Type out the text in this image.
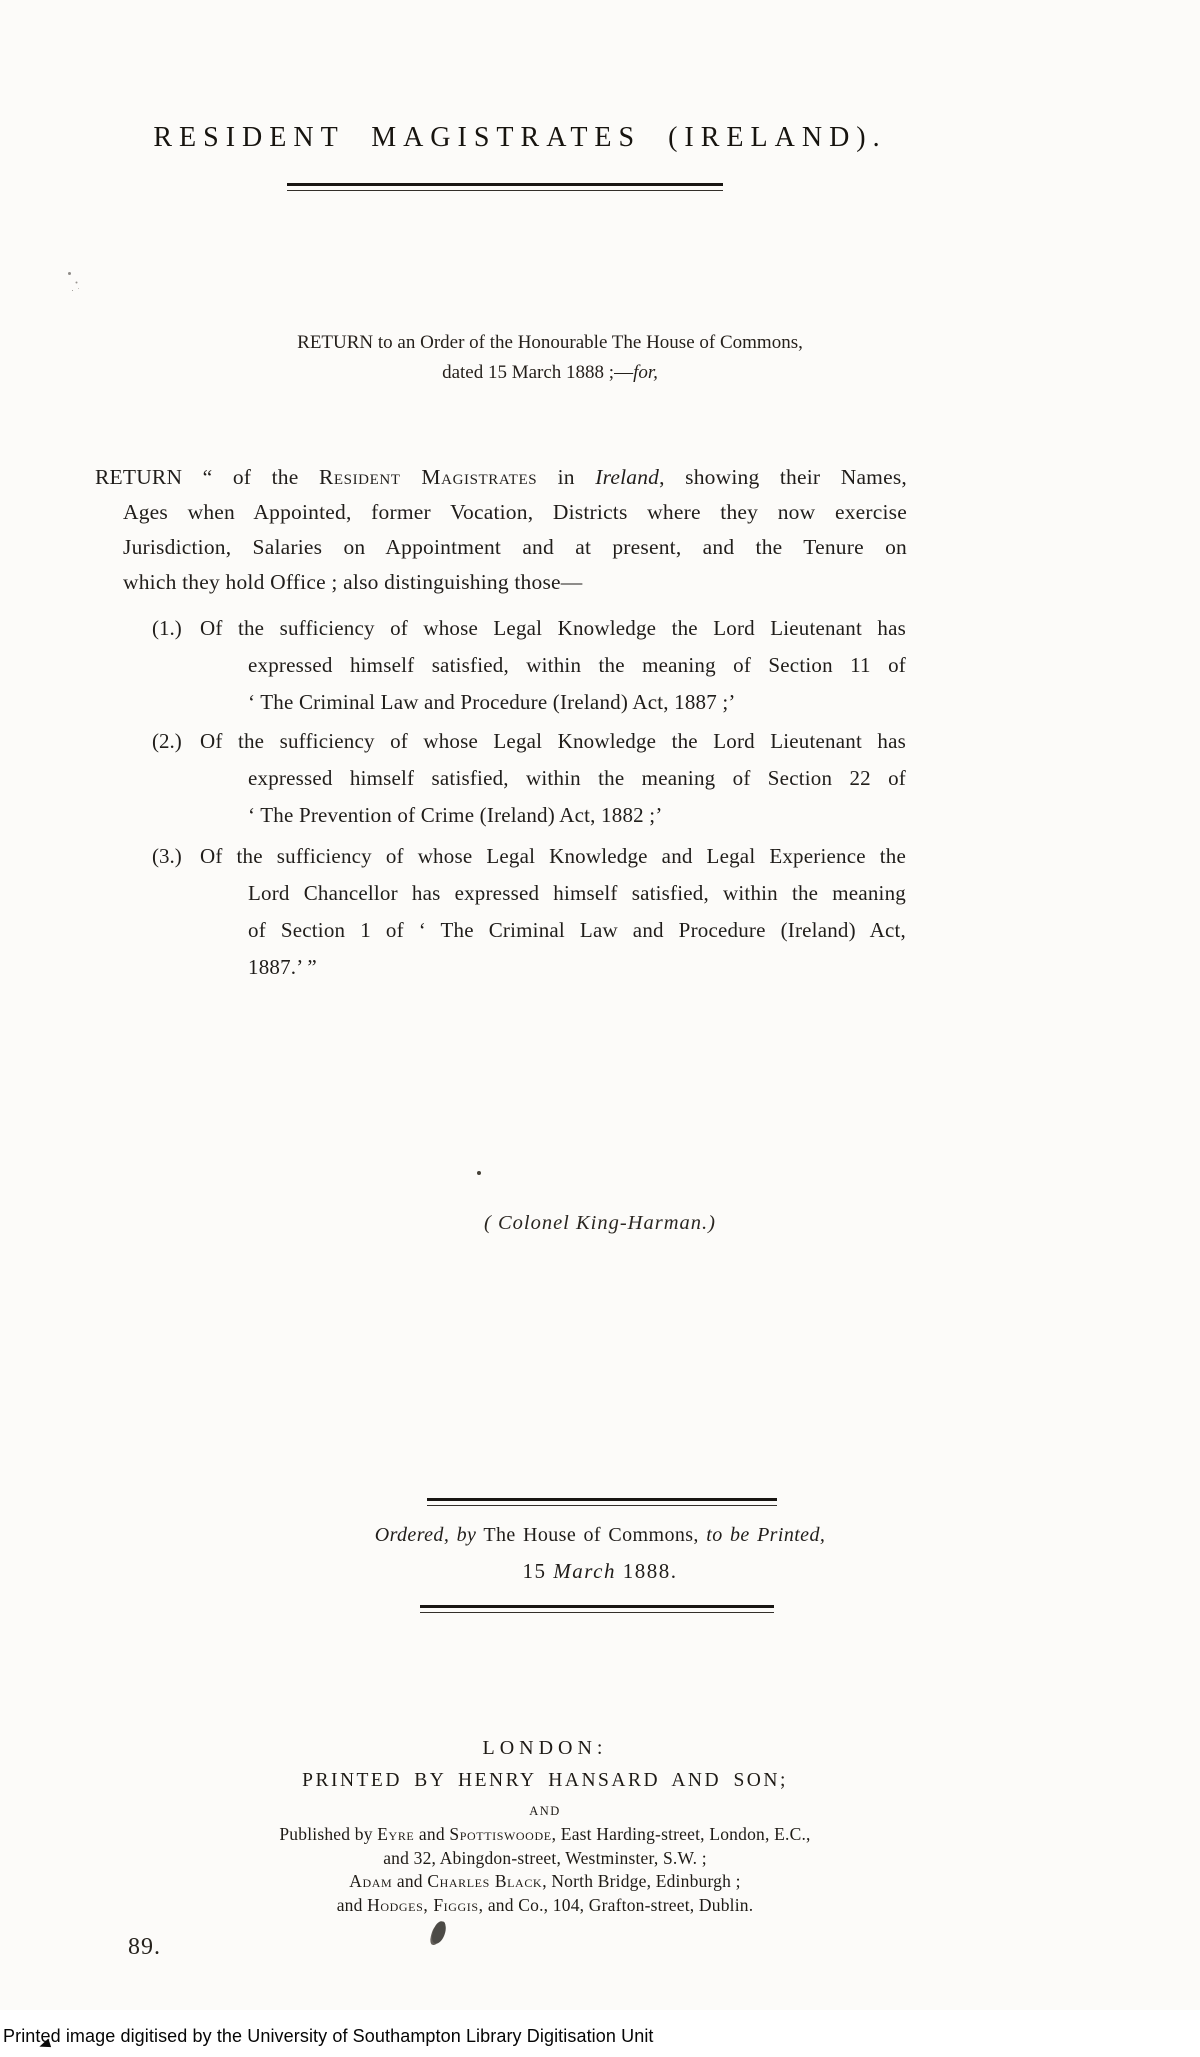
RESIDENT MAGISTRATES (IRELAND).
RETURN to an Order of the Honourable The House of Commons,
dated 15 March 1888 ;—for,
RETURN “ of the Resident Magistrates in Ireland, showing their Names,
Ages when Appointed, former Vocation, Districts where they now exercise
Jurisdiction, Salaries on Appointment and at present, and the Tenure on
which they hold Office ; also distinguishing those—
(1.) Of the sufficiency of whose Legal Knowledge the Lord Lieutenant has
expressed himself satisfied, within the meaning of Section 11 of
‘ The Criminal Law and Procedure (Ireland) Act, 1887 ;’
(2.) Of the sufficiency of whose Legal Knowledge the Lord Lieutenant has
expressed himself satisfied, within the meaning of Section 22 of
‘ The Prevention of Crime (Ireland) Act, 1882 ;’
(3.) Of the sufficiency of whose Legal Knowledge and Legal Experience the
Lord Chancellor has expressed himself satisfied, within the meaning
of Section 1 of ‘ The Criminal Law and Procedure (Ireland) Act,
1887.’ ”
( Colonel King-Harman.)
Ordered, by The House of Commons, to be Printed,
15 March 1888.
LONDON:
PRINTED BY HENRY HANSARD AND SON;
AND
Published by Eyre and Spottiswoode, East Harding-street, London, E.C.,
and 32, Abingdon-street, Westminster, S.W. ;
Adam and Charles Black, North Bridge, Edinburgh ;
and Hodges, Figgis, and Co., 104, Grafton-street, Dublin.
89.
Printed image digitised by the University of Southampton Library Digitisation Unit
